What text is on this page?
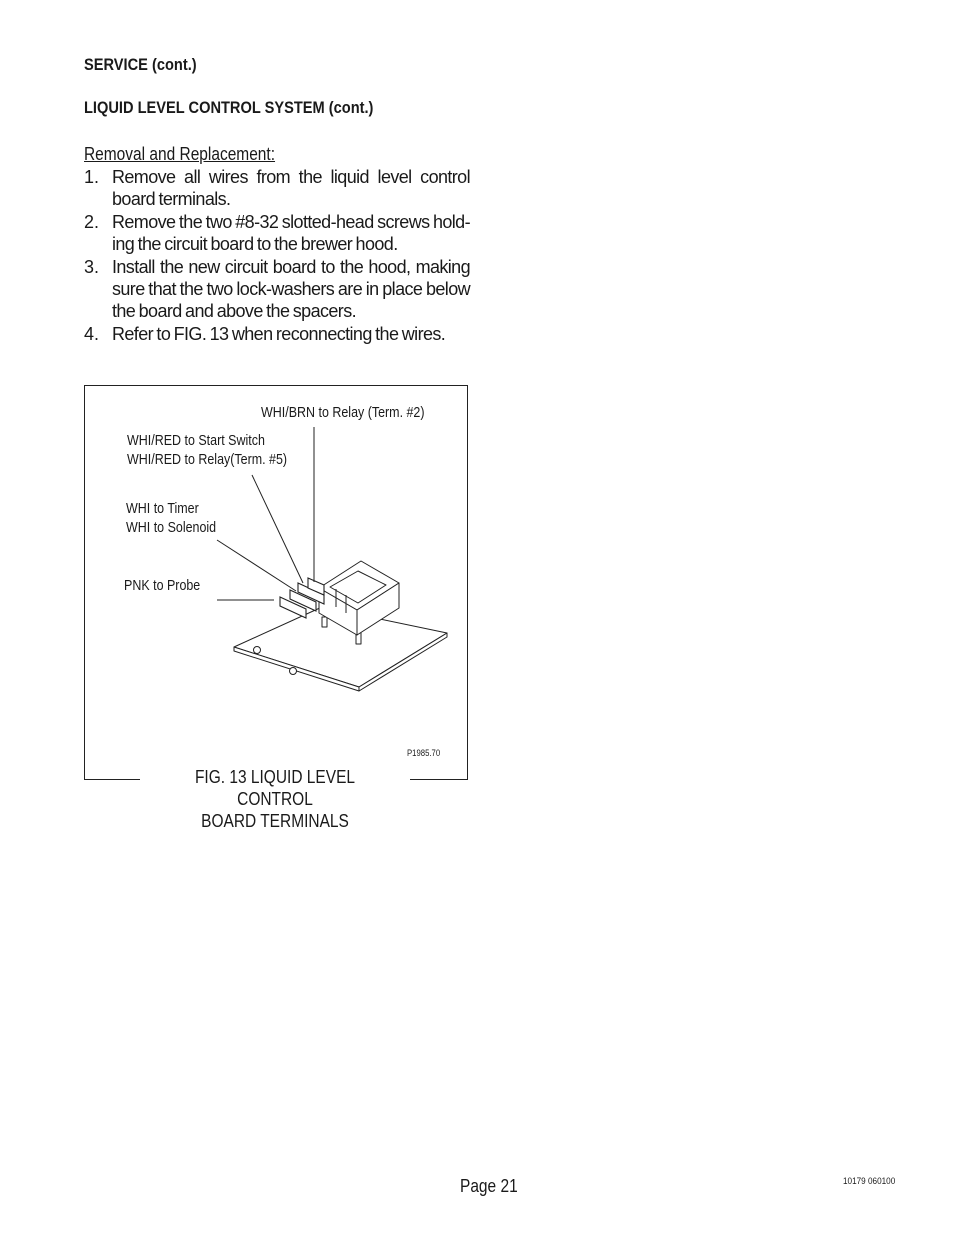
SERVICE (cont.)
LIQUID LEVEL CONTROL SYSTEM (cont.)
Removal and Replacement:
1. Remove all wires from the liquid level control board terminals.
2. Remove the two #8-32 slotted-head screws hold-ing the circuit board to the brewer hood.
3. Install the new circuit board to the hood, making sure that the two lock-washers are in place below the board and above the spacers.
4. Refer to FIG. 13 when reconnecting the wires.
WHI/BRN to Relay (Term. #2)
WHI/RED to Start Switch
WHI/RED to Relay(Term. #5)
WHI to Timer
WHI to Solenoid
PNK to Probe
P1985.70
FIG. 13 LIQUID LEVEL CONTROL
BOARD TERMINALS
Page 21	10179 060100
